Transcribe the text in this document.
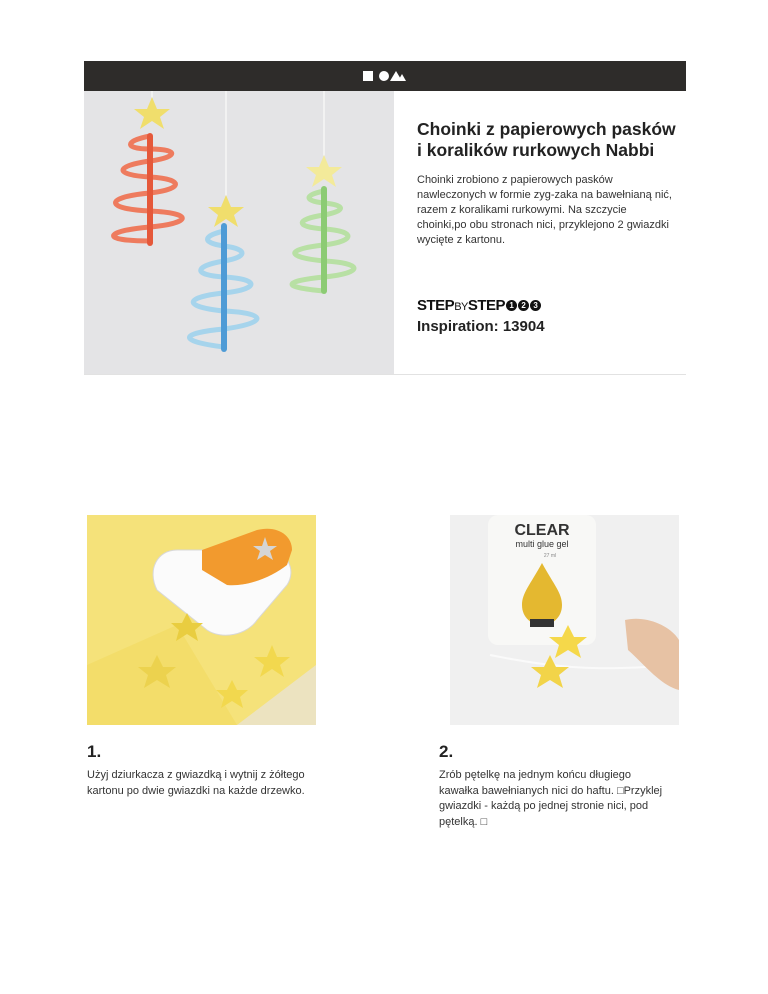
Choinki z papierowych pasków i koralików rurkowych Nabbi
Choinki zrobiono z papierowych pasków nawleczonych w formie zyg-zaka na bawełnianą nić, razem z koralikami rurkowymi. Na szczycie choinki,po obu stronach nici, przyklejono 2 gwiazdki wycięte z kartonu.
STEPBYSTEP 1 2 3
Inspiration: 13904
CLEAR
multi glue gel
27 ml
1.
Użyj dziurkacza z gwiazdką i wytnij z żółtego kartonu po dwie gwiazdki na każde drzewko.
2.
Zrób pętelkę na jednym końcu długiego kawałka bawełnianych nici do haftu. □Przyklej gwiazdki - każdą po jednej stronie nici, pod pętelką. □
